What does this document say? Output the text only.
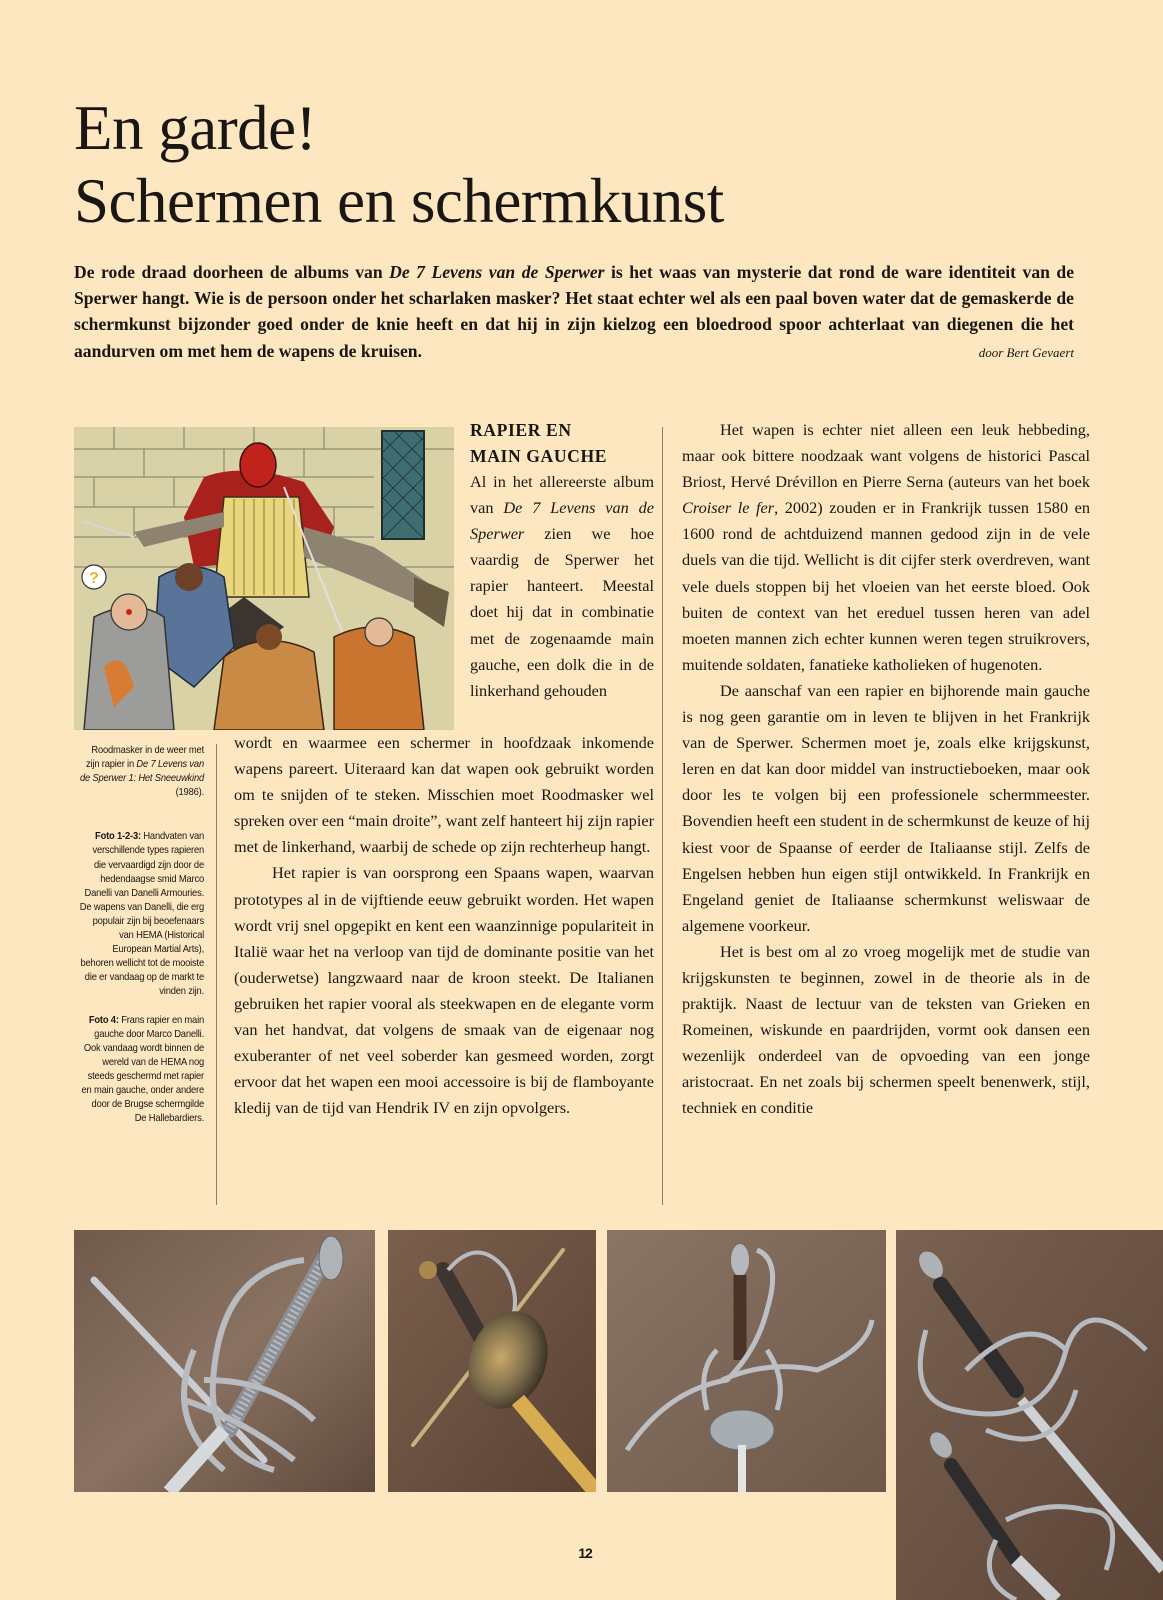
En garde!
Schermen en schermkunst

De rode draad doorheen de albums van De 7 Levens van de Sperwer is het waas van mysterie dat rond de ware identiteit van de Sperwer hangt. Wie is de persoon onder het scharlaken masker? Het staat echter wel als een paal boven water dat de gemaskerde de schermkunst bijzonder goed onder de knie heeft en dat hij in zijn kielzog een bloedrood spoor achterlaat van diegenen die het aandurven om met hem de wapens de kruisen.	door Bert Gevaert

?

Roodmasker in de weer met zijn rapier in De 7 Levens van de Sperwer 1: Het Sneeuwkind (1986).

Foto 1-2-3: Handvaten van verschillende types rapieren die vervaardigd zijn door de hedendaagse smid Marco Danelli van Danelli Armouries. De wapens van Danelli, die erg populair zijn bij beoefenaars van HEMA (Historical European Martial Arts), behoren wellicht tot de mooiste die er vandaag op de markt te vinden zijn.

Foto 4: Frans rapier en main gauche door Marco Danelli. Ook vandaag wordt binnen de wereld van de HEMA nog steeds geschermd met rapier en main gauche, onder andere door de Brugse schermgilde De Hallebardiers.

RAPIER EN
MAIN GAUCHE

Al in het allereerste album van De 7 Levens van de Sperwer zien we hoe vaardig de Sperwer het rapier hanteert. Meestal doet hij dat in combinatie met de zogenaamde main gauche, een dolk die in de linkerhand gehouden

wordt en waarmee een schermer in hoofdzaak inkomende wapens pareert. Uiteraard kan dat wapen ook gebruikt worden om te snijden of te steken. Misschien moet Roodmasker wel spreken over een “main droite”, want zelf hanteert hij zijn rapier met de linkerhand, waarbij de schede op zijn rechterheup hangt.

Het rapier is van oorsprong een Spaans wapen, waarvan prototypes al in de vijftiende eeuw gebruikt worden. Het wapen wordt vrij snel opgepikt en kent een waanzinnige populariteit in Italië waar het na verloop van tijd de dominante positie van het (ouderwetse) langzwaard naar de kroon steekt. De Italianen gebruiken het rapier vooral als steekwapen en de elegante vorm van het handvat, dat volgens de smaak van de eigenaar nog exuberanter of net veel soberder kan gesmeed worden, zorgt ervoor dat het wapen een mooi accessoire is bij de flamboyante kledij van de tijd van Hendrik IV en zijn opvolgers.

Het wapen is echter niet alleen een leuk hebbeding, maar ook bittere noodzaak want volgens de historici Pascal Briost, Hervé Drévillon en Pierre Serna (auteurs van het boek Croiser le fer, 2002) zouden er in Frankrijk tussen 1580 en 1600 rond de achtduizend mannen gedood zijn in de vele duels van die tijd. Wellicht is dit cijfer sterk overdreven, want vele duels stoppen bij het vloeien van het eerste bloed. Ook buiten de context van het ereduel tussen heren van adel moeten mannen zich echter kunnen weren tegen struikrovers, muitende soldaten, fanatieke katholieken of hugenoten.

De aanschaf van een rapier en bijhorende main gauche is nog geen garantie om in leven te blijven in het Frankrijk van de Sperwer. Schermen moet je, zoals elke krijgskunst, leren en dat kan door middel van instructieboeken, maar ook door les te volgen bij een professionele schermmeester. Bovendien heeft een student in de schermkunst de keuze of hij kiest voor de Spaanse of eerder de Italiaanse stijl. Zelfs de Engelsen hebben hun eigen stijl ontwikkeld. In Frankrijk en Engeland geniet de Italiaanse schermkunst weliswaar de algemene voorkeur.

Het is best om al zo vroeg mogelijk met de studie van krijgskunsten te beginnen, zowel in de theorie als in de praktijk. Naast de lectuur van de teksten van Grieken en Romeinen, wiskunde en paardrijden, vormt ook dansen een wezenlijk onderdeel van de opvoeding van een jonge aristocraat. En net zoals bij schermen speelt benenwerk, stijl, techniek en conditie

12
